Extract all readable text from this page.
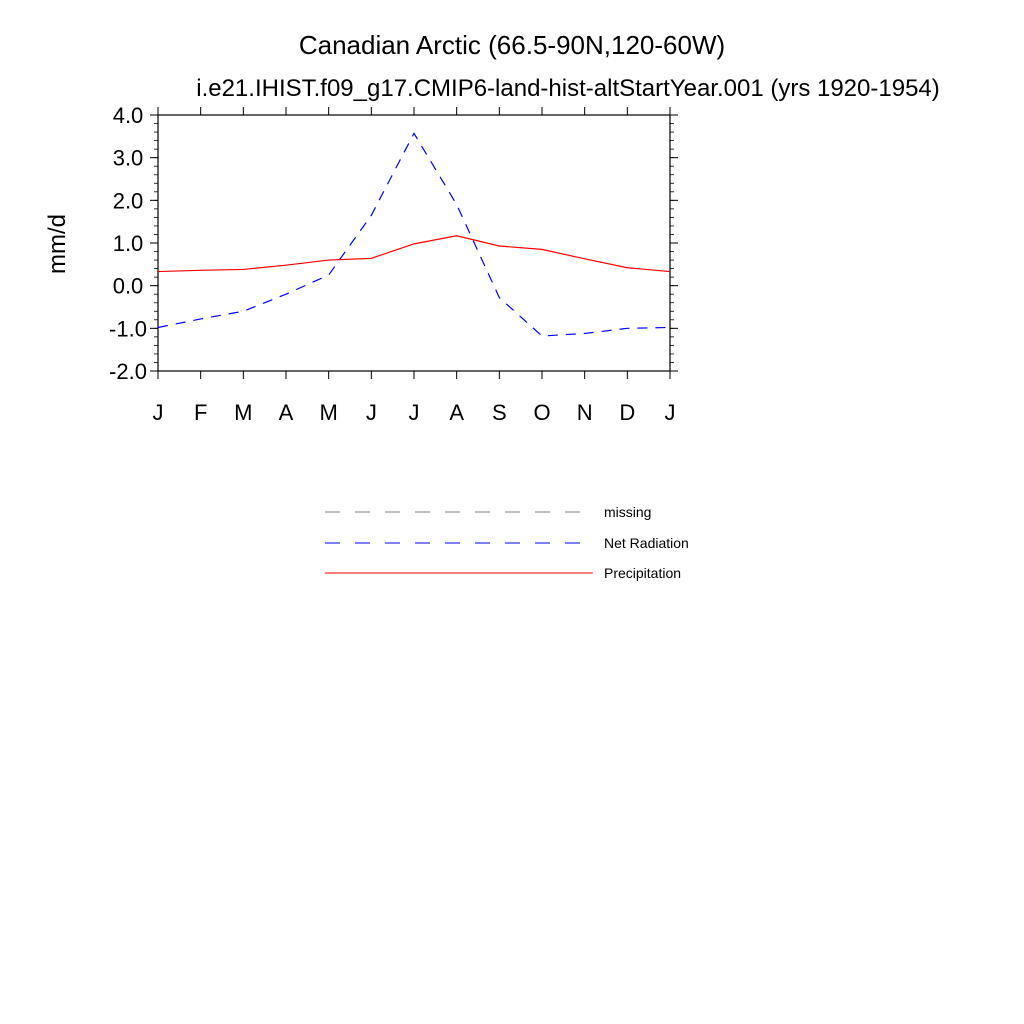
Canadian Arctic (66.5-90N,120-60W)
i.e21.IHIST.f09_g17.CMIP6-land-hist-altStartYear.001 (yrs 1920-1954)
mm/d
4.0
3.0
2.0
1.0
0.0
-1.0
-2.0
J F M A M J J A S O N D J
missing
Net Radiation
Precipitation
